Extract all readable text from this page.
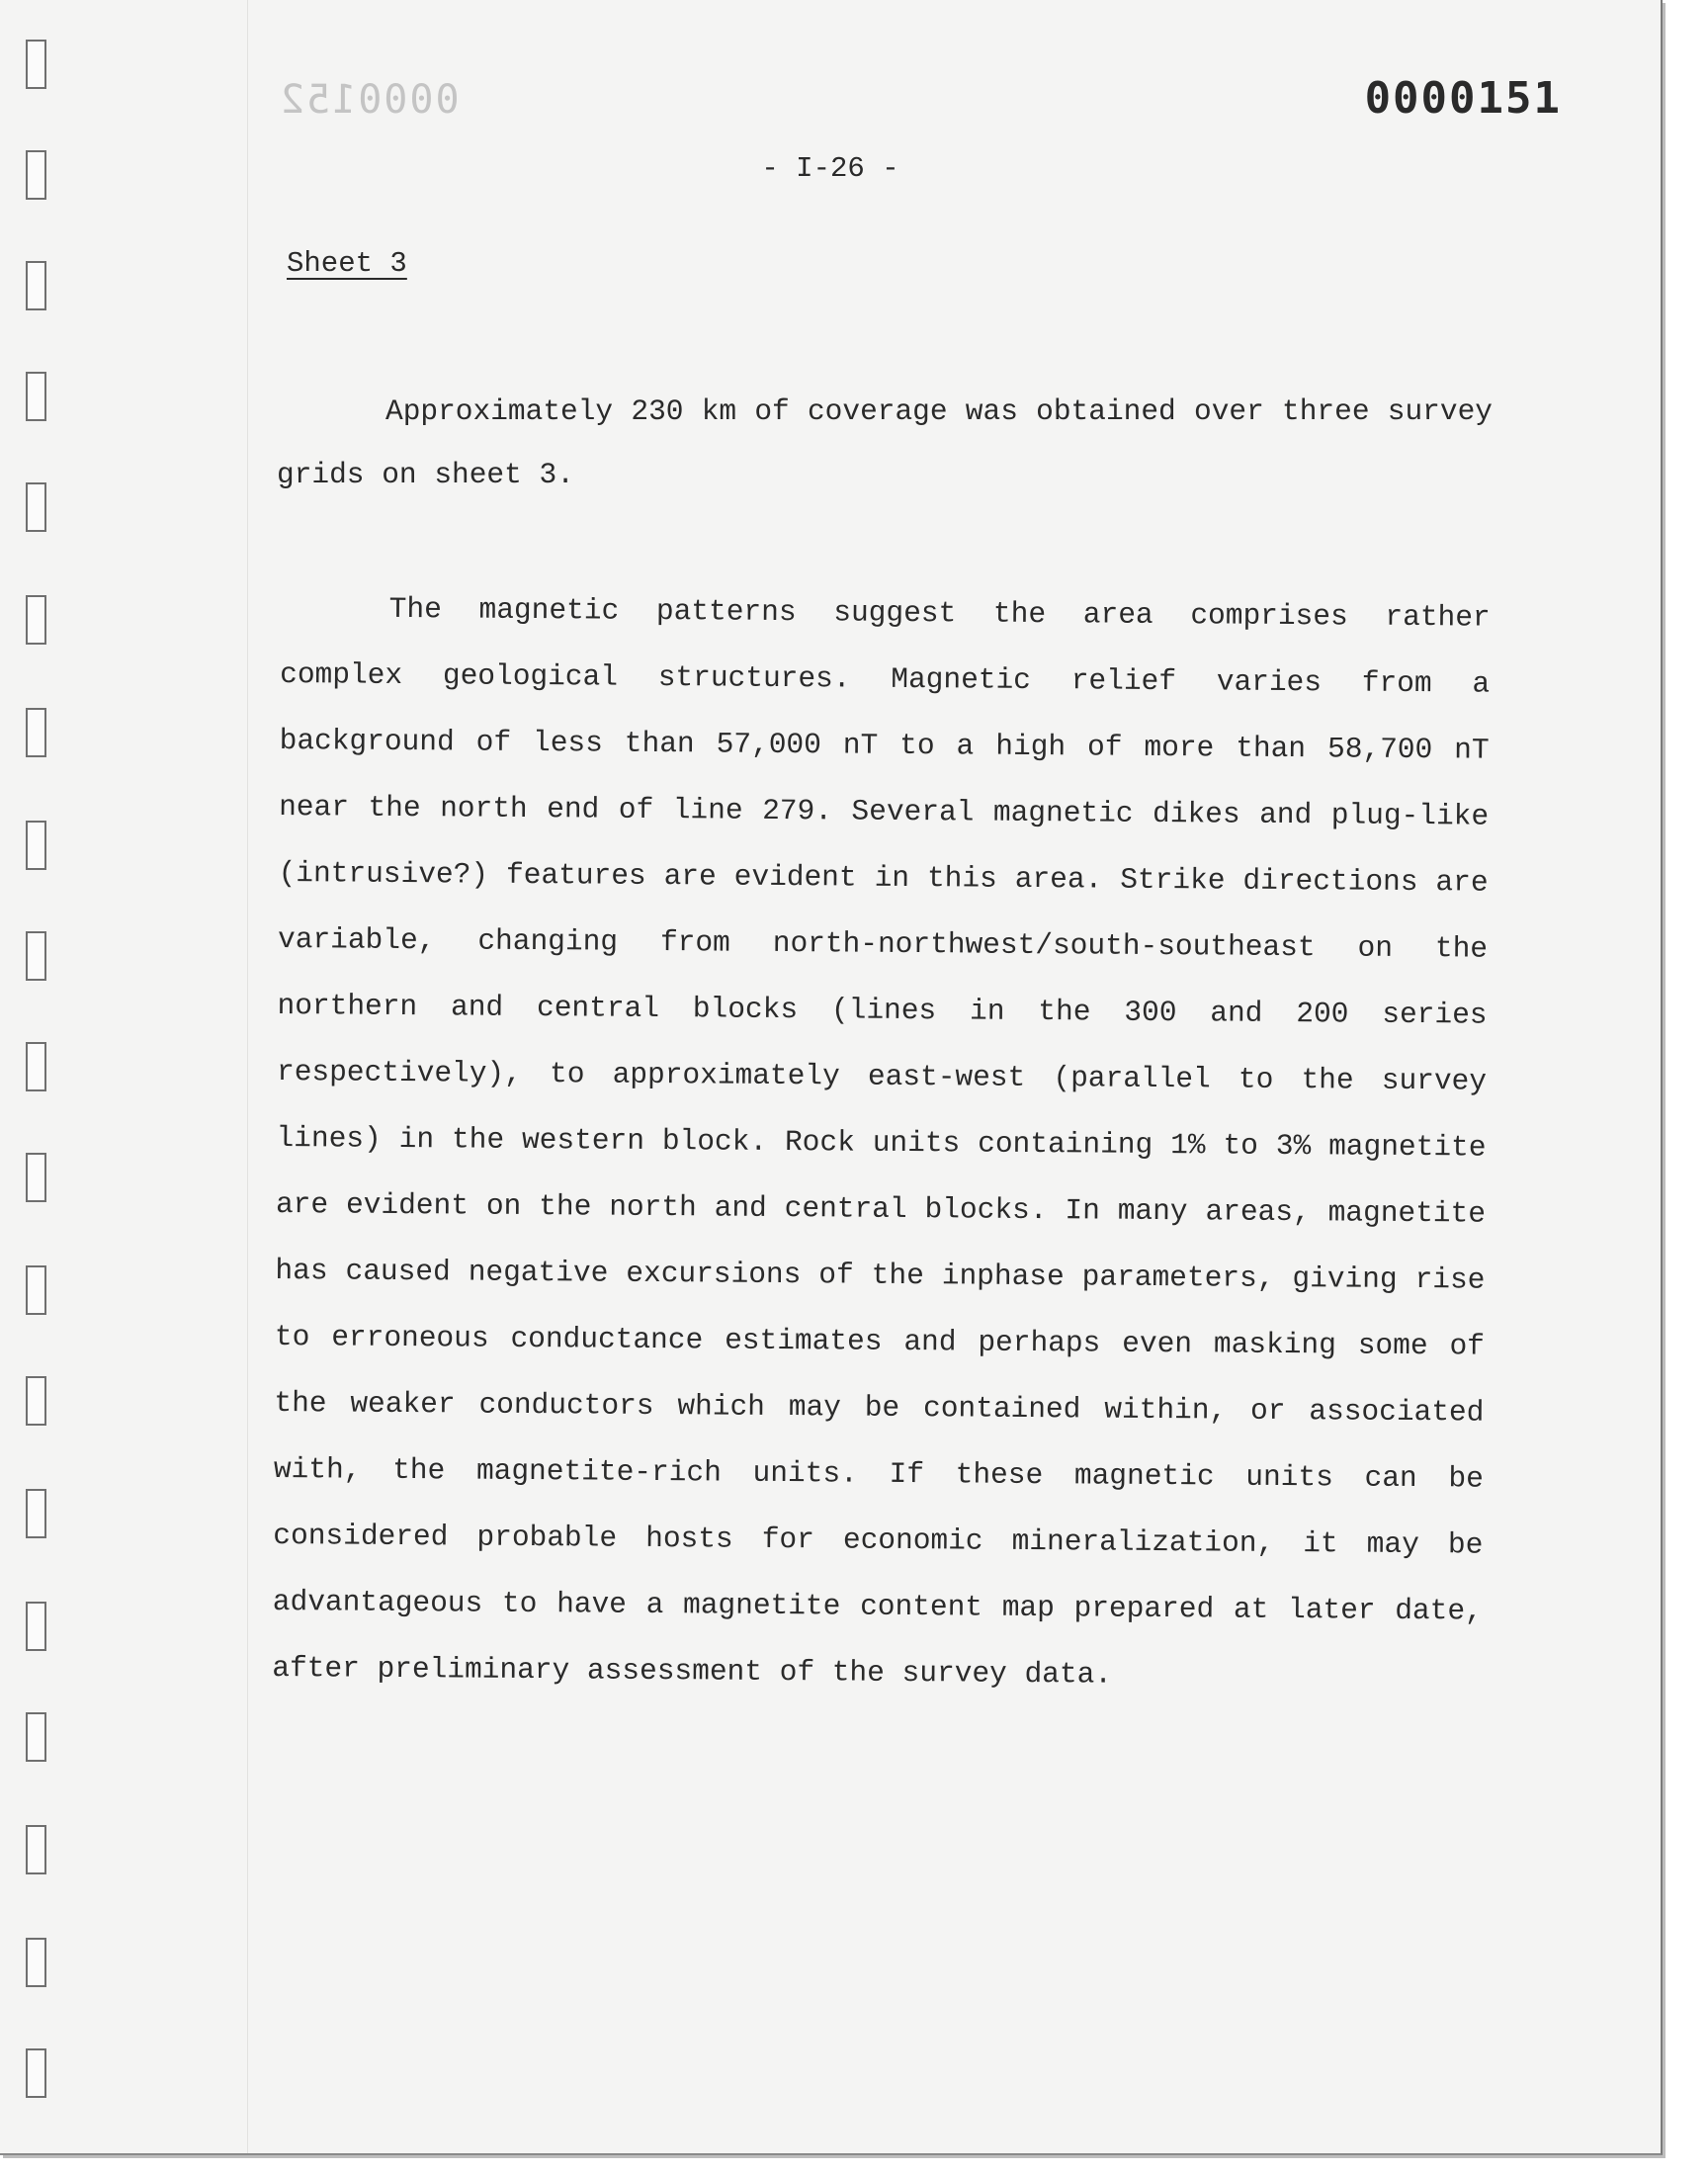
0000152	0000151
- I-26 -
Sheet 3

Approximately 230 km of coverage was obtained over three survey grids on sheet 3.

The magnetic patterns suggest the area comprises rather complex geological structures. Magnetic relief varies from a background of less than 57,000 nT to a high of more than 58,700 nT near the north end of line 279. Several magnetic dikes and plug-like (intrusive?) features are evident in this area. Strike directions are variable, changing from north-northwest/south-southeast on the northern and central blocks (lines in the 300 and 200 series respectively), to approximately east-west (parallel to the survey lines) in the western block. Rock units containing 1% to 3% magnetite are evident on the north and central blocks. In many areas, magnetite has caused negative excursions of the inphase parameters, giving rise to erroneous conductance estimates and perhaps even masking some of the weaker conductors which may be contained within, or associated with, the magnetite-rich units. If these magnetic units can be considered probable hosts for economic mineralization, it may be advantageous to have a magnetite content map prepared at later date, after preliminary assessment of the survey data.
